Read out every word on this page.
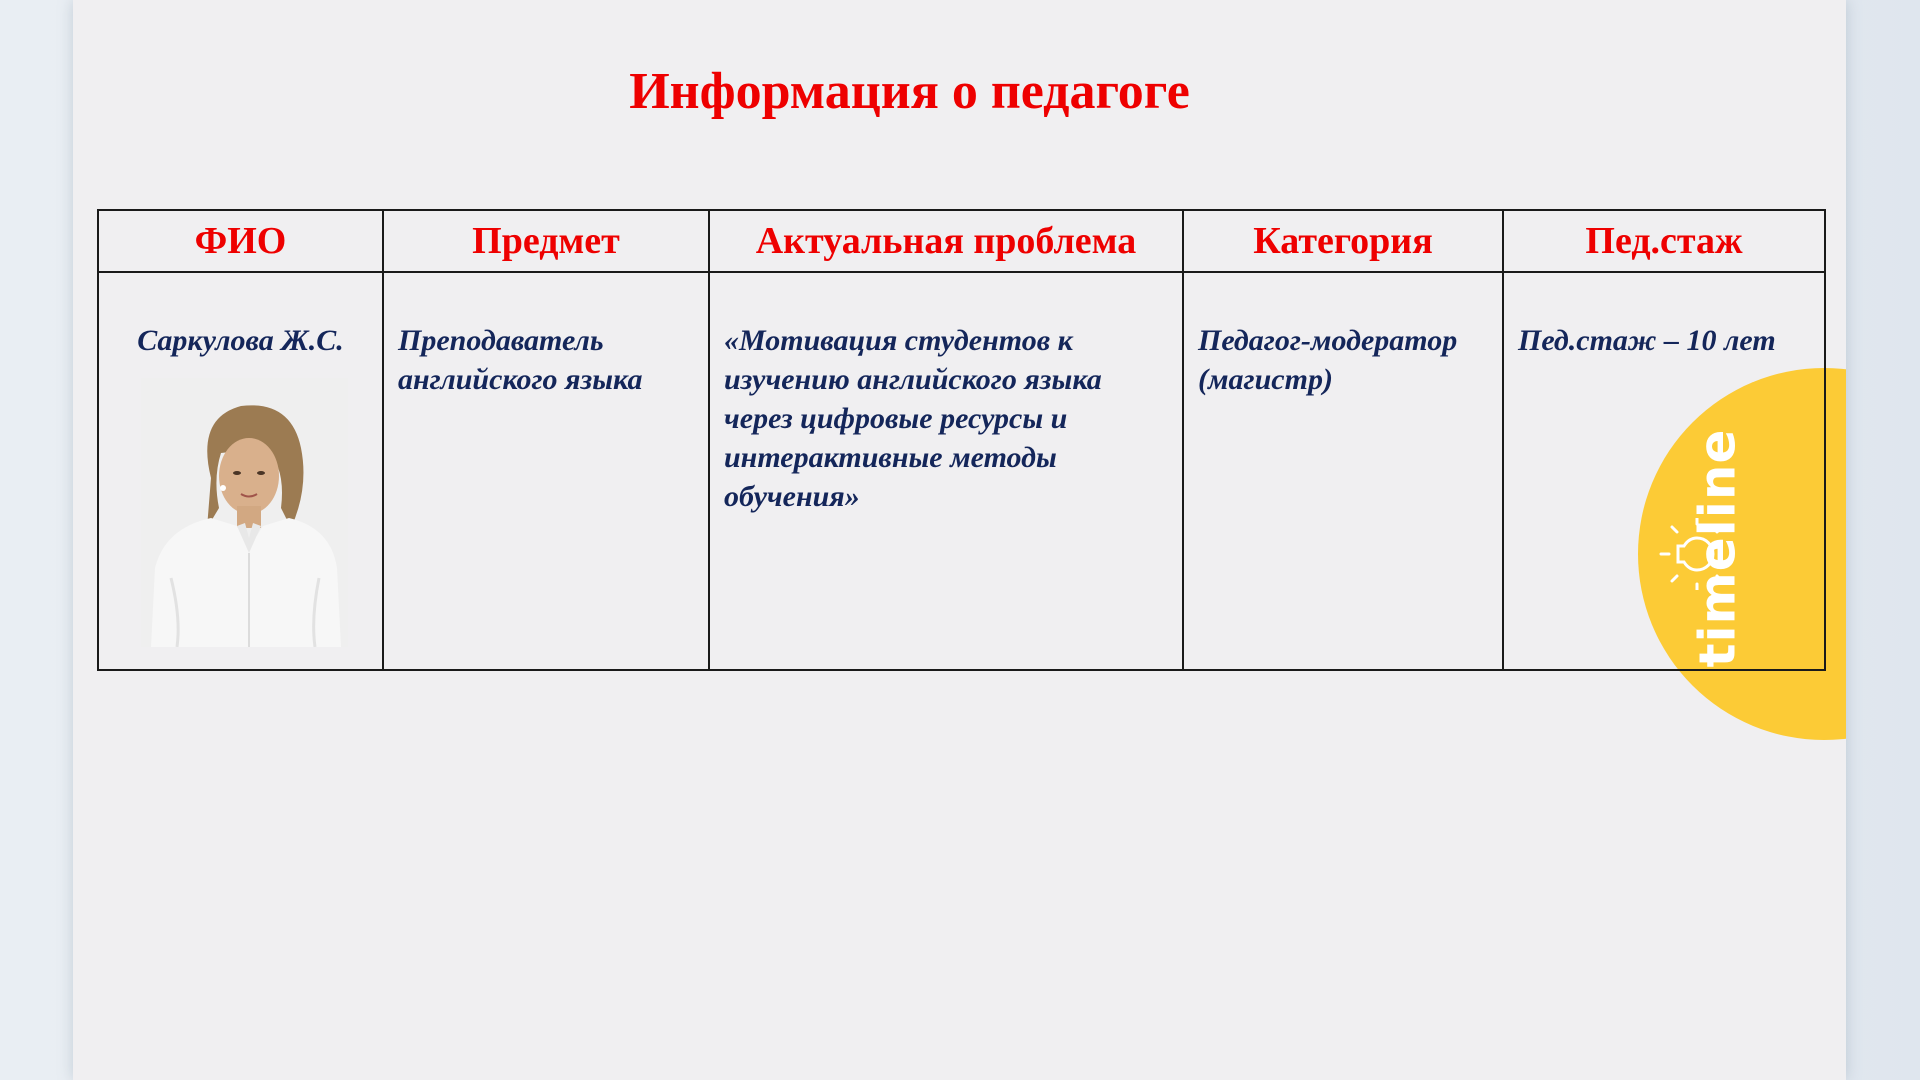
Информация о педагоге
ФИО	Предмет	Актуальная проблема	Категория	Пед.стаж

Саркулова Ж.С.	Преподаватель английского языка	«Мотивация студентов к изучению английского языка через цифровые ресурсы и интерактивные методы обучения»	Педагог-модератор (магистр)	Пед.стаж – 10 лет
timeline
